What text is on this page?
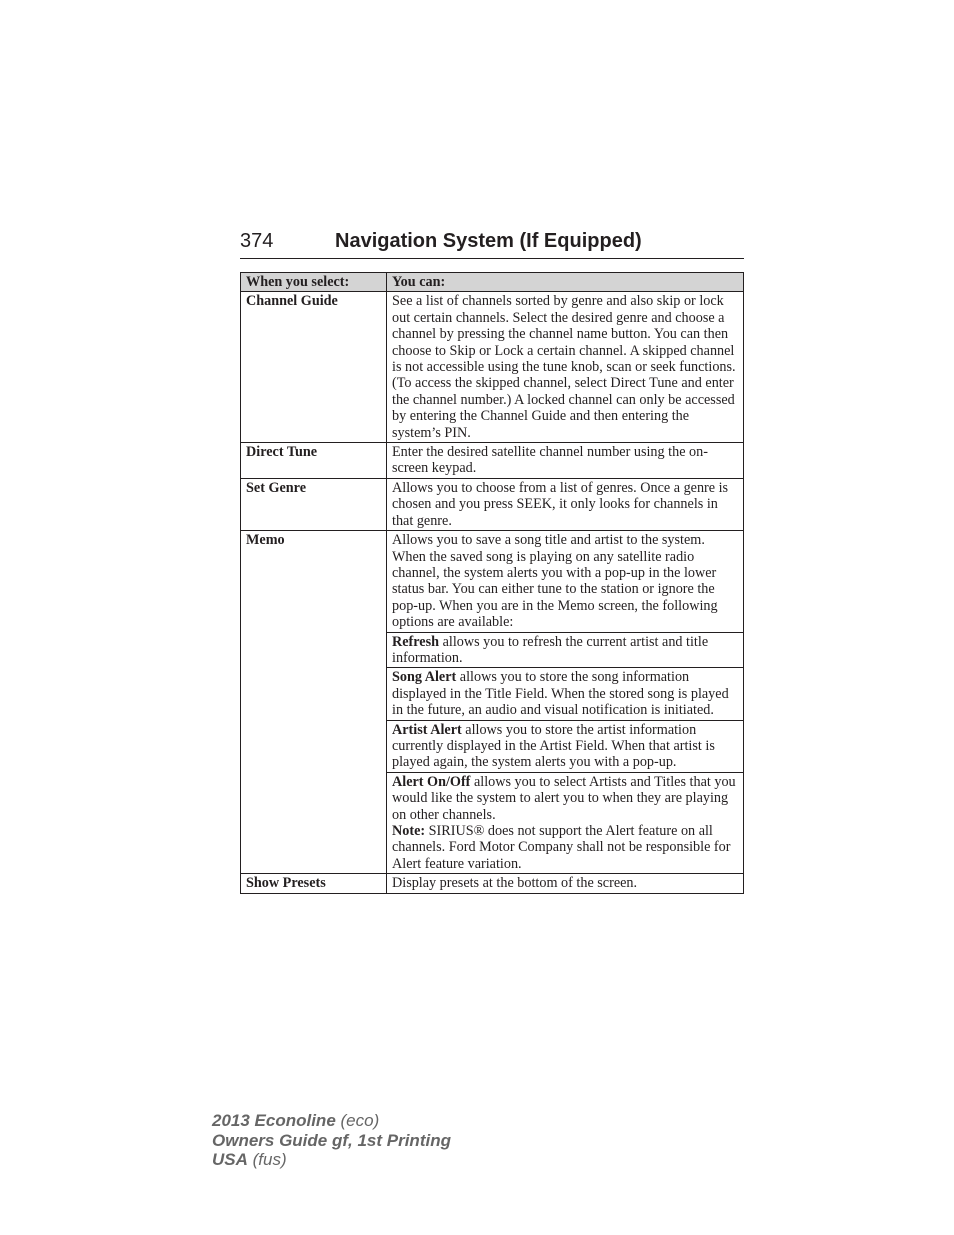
374	Navigation System (If Equipped)
When you select:	You can:
Channel Guide	See a list of channels sorted by genre and also skip or lock out certain channels. Select the desired genre and choose a channel by pressing the channel name button. You can then choose to Skip or Lock a certain channel. A skipped channel is not accessible using the tune knob, scan or seek functions. (To access the skipped channel, select Direct Tune and enter the channel number.) A locked channel can only be accessed by entering the Channel Guide and then entering the system’s PIN.
Direct Tune	Enter the desired satellite channel number using the on-screen keypad.
Set Genre	Allows you to choose from a list of genres. Once a genre is chosen and you press SEEK, it only looks for channels in that genre.
Memo	Allows you to save a song title and artist to the system. When the saved song is playing on any satellite radio channel, the system alerts you with a pop-up in the lower status bar. You can either tune to the station or ignore the pop-up. When you are in the Memo screen, the following options are available:
	Refresh allows you to refresh the current artist and title information.
	Song Alert allows you to store the song information displayed in the Title Field. When the stored song is played in the future, an audio and visual notification is initiated.
	Artist Alert allows you to store the artist information currently displayed in the Artist Field. When that artist is played again, the system alerts you with a pop-up.
	Alert On/Off allows you to select Artists and Titles that you would like the system to alert you to when they are playing on other channels.
Note: SIRIUS® does not support the Alert feature on all channels. Ford Motor Company shall not be responsible for Alert feature variation.
Show Presets	Display presets at the bottom of the screen.
2013 Econoline (eco)
Owners Guide gf, 1st Printing
USA (fus)
